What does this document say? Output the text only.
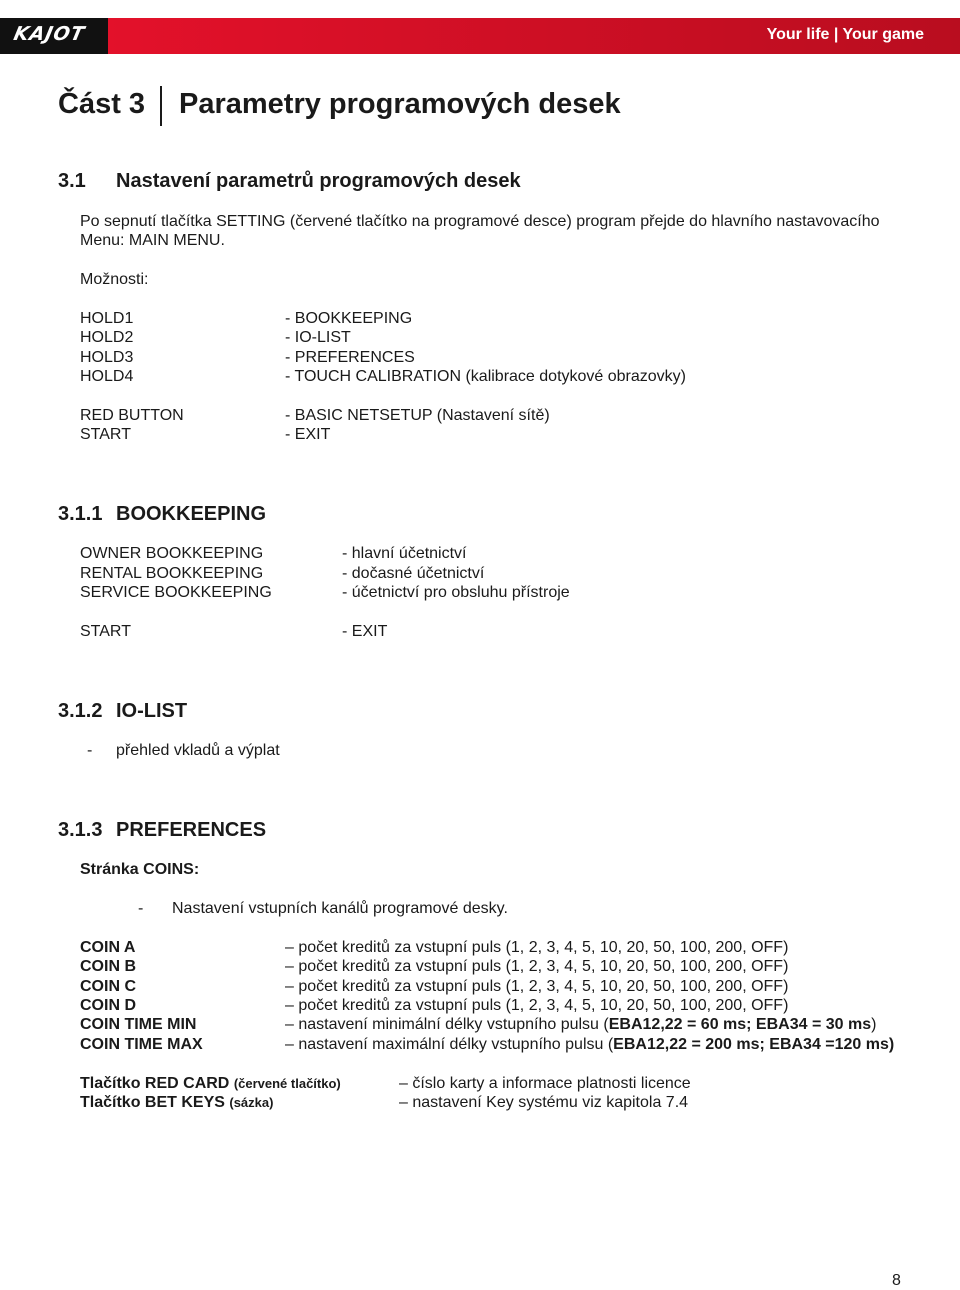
KAJOT	Your life | Your game
Část 3 Parametry programových desek
3.1 Nastavení parametrů programových desek
Po sepnutí tlačítka SETTING (červené tlačítko na programové desce) program přejde do hlavního nastavovacího
Menu: MAIN MENU.
Možnosti:
HOLD1	- BOOKKEEPING
HOLD2	- IO-LIST
HOLD3	- PREFERENCES
HOLD4	- TOUCH CALIBRATION (kalibrace dotykové obrazovky)
RED BUTTON	- BASIC NETSETUP (Nastavení sítě)
START	- EXIT
3.1.1 BOOKKEEPING
OWNER BOOKKEEPING	- hlavní účetnictví
RENTAL BOOKKEEPING	- dočasné účetnictví
SERVICE BOOKKEEPING	- účetnictví pro obsluhu přístroje
START	- EXIT
3.1.2 IO-LIST
- přehled vkladů a výplat
3.1.3 PREFERENCES
Stránka COINS:
- Nastavení vstupních kanálů programové desky.
COIN A	– počet kreditů za vstupní puls (1, 2, 3, 4, 5, 10, 20, 50, 100, 200, OFF)
COIN B	– počet kreditů za vstupní puls (1, 2, 3, 4, 5, 10, 20, 50, 100, 200, OFF)
COIN C	– počet kreditů za vstupní puls (1, 2, 3, 4, 5, 10, 20, 50, 100, 200, OFF)
COIN D	– počet kreditů za vstupní puls (1, 2, 3, 4, 5, 10, 20, 50, 100, 200, OFF)
COIN TIME MIN	– nastavení minimální délky vstupního pulsu (EBA12,22 = 60 ms; EBA34 = 30 ms)
COIN TIME MAX	– nastavení maximální délky vstupního pulsu (EBA12,22 = 200 ms; EBA34 =120 ms)
Tlačítko RED CARD (červené tlačítko)	– číslo karty a informace platnosti licence
Tlačítko BET KEYS (sázka)	– nastavení Key systému viz kapitola 7.4
8
